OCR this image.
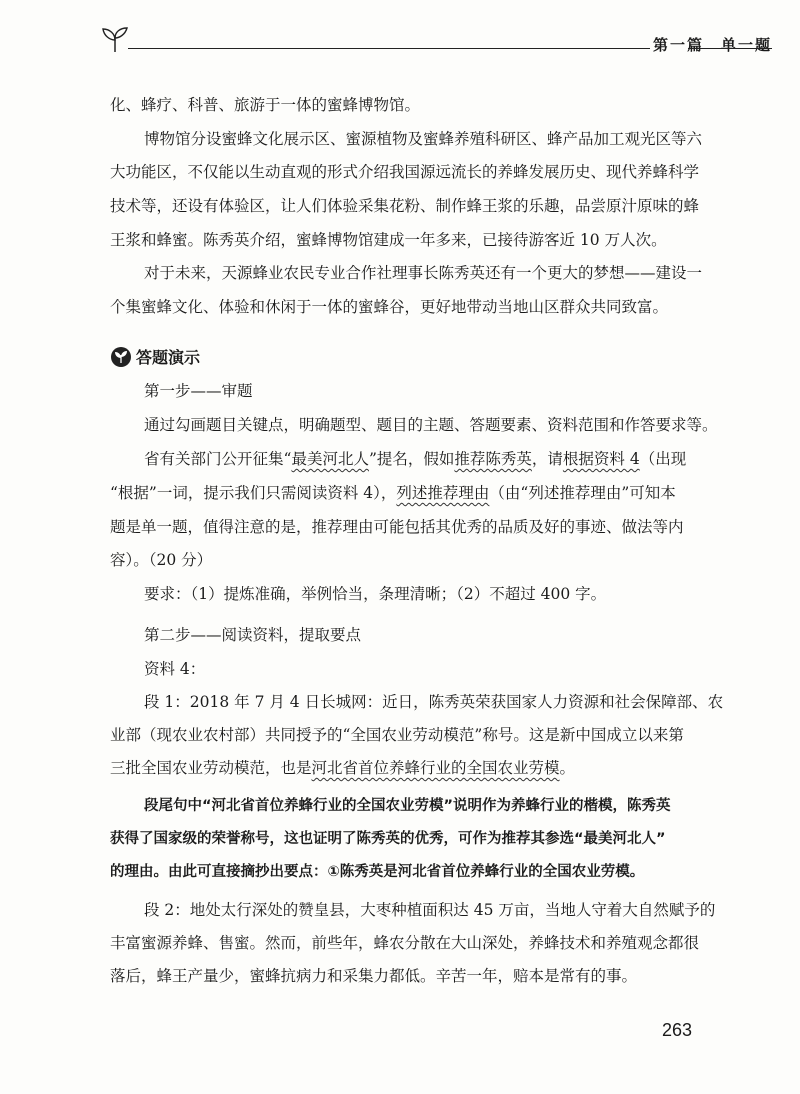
第一篇　单一题
化、蜂疗、科普、旅游于一体的蜜蜂博物馆。
博物馆分设蜜蜂文化展示区、蜜源植物及蜜蜂养殖科研区、蜂产品加工观光区等六
大功能区，不仅能以生动直观的形式介绍我国源远流长的养蜂发展历史、现代养蜂科学
技术等，还设有体验区，让人们体验采集花粉、制作蜂王浆的乐趣，品尝原汁原味的蜂
王浆和蜂蜜。陈秀英介绍，蜜蜂博物馆建成一年多来，已接待游客近 10 万人次。
对于未来，天源蜂业农民专业合作社理事长陈秀英还有一个更大的梦想——建设一
个集蜜蜂文化、体验和休闲于一体的蜜蜂谷，更好地带动当地山区群众共同致富。
答题演示
第一步——审题
通过勾画题目关键点，明确题型、题目的主题、答题要素、资料范围和作答要求等。
省有关部门公开征集“最美河北人”提名，假如推荐陈秀英，请根据资料 4（出现
“根据”一词，提示我们只需阅读资料 4），列述推荐理由（由“列述推荐理由”可知本
题是单一题，值得注意的是，推荐理由可能包括其优秀的品质及好的事迹、做法等内
容）。（20 分）
要求：（1）提炼准确，举例恰当，条理清晰；（2）不超过 400 字。
第二步——阅读资料，提取要点
资料 4：
段 1：2018 年 7 月 4 日长城网：近日，陈秀英荣获国家人力资源和社会保障部、农
业部（现农业农村部）共同授予的“全国农业劳动模范”称号。这是新中国成立以来第
三批全国农业劳动模范，也是河北省首位养蜂行业的全国农业劳模。
段尾句中“河北省首位养蜂行业的全国农业劳模”说明作为养蜂行业的楷模，陈秀英
获得了国家级的荣誉称号，这也证明了陈秀英的优秀，可作为推荐其参选“最美河北人”
的理由。由此可直接摘抄出要点：①陈秀英是河北省首位养蜂行业的全国农业劳模。
段 2：地处太行深处的赞皇县，大枣种植面积达 45 万亩，当地人守着大自然赋予的
丰富蜜源养蜂、售蜜。然而，前些年，蜂农分散在大山深处，养蜂技术和养殖观念都很
落后，蜂王产量少，蜜蜂抗病力和采集力都低。辛苦一年，赔本是常有的事。
263
